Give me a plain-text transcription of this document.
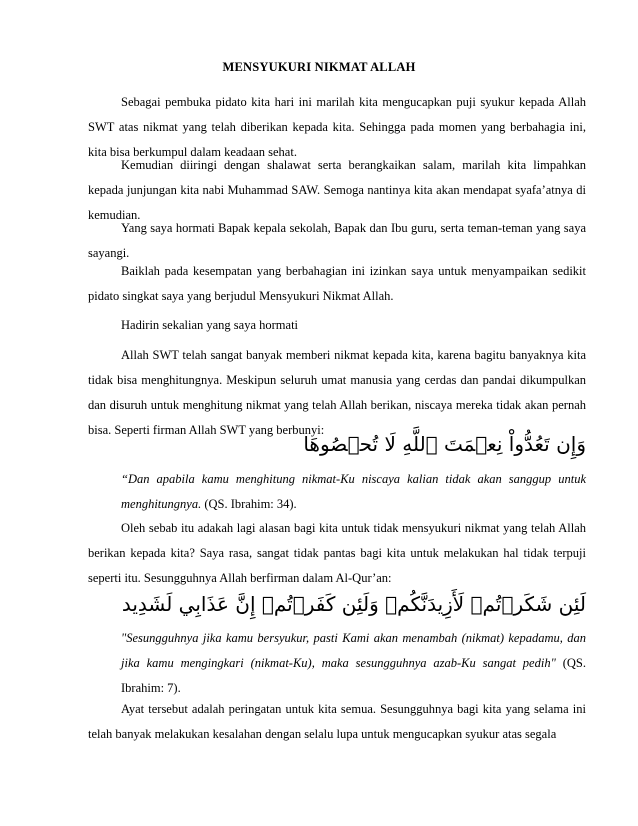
MENSYUKURI NIKMAT ALLAH
Sebagai pembuka pidato kita hari ini marilah kita mengucapkan puji syukur kepada Allah SWT atas nikmat yang telah diberikan kepada kita. Sehingga pada momen yang berbahagia ini, kita bisa berkumpul dalam keadaan sehat.
Kemudian diiringi dengan shalawat serta berangkaikan salam, marilah kita limpahkan kepada junjungan kita nabi Muhammad SAW. Semoga nantinya kita akan mendapat syafa’atnya di kemudian.
Yang saya hormati Bapak kepala sekolah, Bapak dan Ibu guru, serta teman-teman yang saya sayangi.
Baiklah pada kesempatan yang berbahagian ini izinkan saya untuk menyampaikan sedikit pidato singkat saya yang berjudul Mensyukuri Nikmat Allah.
Hadirin sekalian yang saya hormati
Allah SWT telah sangat banyak memberi nikmat kepada kita, karena bagitu banyaknya kita tidak bisa menghitungnya. Meskipun seluruh umat manusia yang cerdas dan pandai dikumpulkan dan disuruh untuk menghitung nikmat yang telah Allah berikan, niscaya mereka tidak akan pernah bisa. Seperti firman Allah SWT yang berbunyi:
وَإِن تَعُدُّواْ نِعۡمَتَ ٱللَّهِ لَا تُحۡصُوهَا
“Dan apabila kamu menghitung nikmat-Ku niscaya kalian tidak akan sanggup untuk menghitungnya. (QS. Ibrahim: 34).
Oleh sebab itu adakah lagi alasan bagi kita untuk tidak mensyukuri nikmat yang telah Allah berikan kepada kita? Saya rasa, sangat tidak pantas bagi kita untuk melakukan hal tidak terpuji seperti itu. Sesungguhnya Allah berfirman dalam Al-Qur’an:
لَئِن شَكَرۡتُمۡ لَأَزِيدَنَّكُمۡ وَلَئِن كَفَرۡتُمۡ إِنَّ عَذَابِي لَشَدِيد
"Sesungguhnya jika kamu bersyukur, pasti Kami akan menambah (nikmat) kepadamu, dan jika kamu mengingkari (nikmat-Ku), maka sesungguhnya azab-Ku sangat pedih" (QS. Ibrahim: 7).
Ayat tersebut adalah peringatan untuk kita semua. Sesungguhnya bagi kita yang selama ini telah banyak melakukan kesalahan dengan selalu lupa untuk mengucapkan syukur atas segala
